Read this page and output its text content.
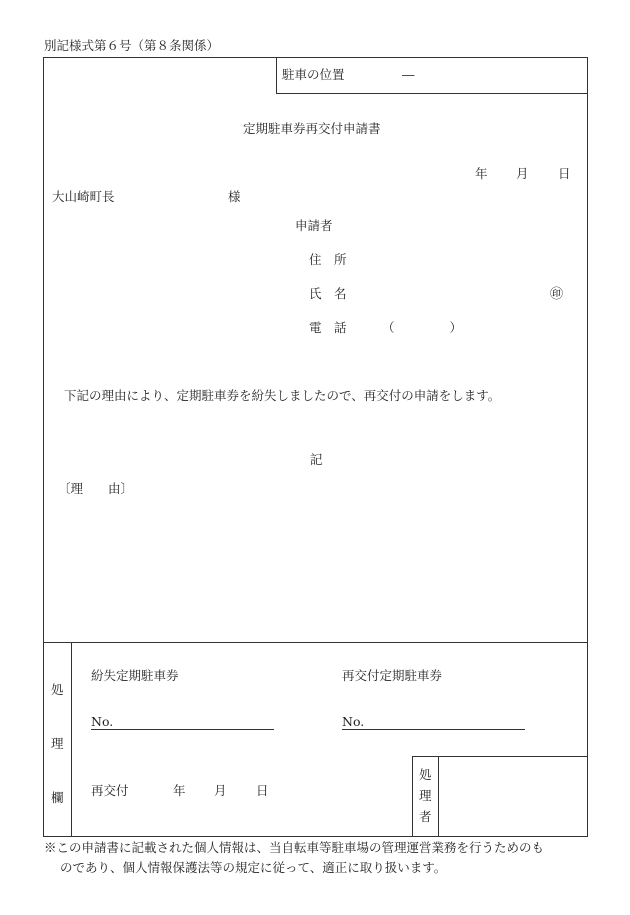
別記様式第６号（第８条関係）
駐車の位置	―
定期駐車券再交付申請書
年 月 日
大山崎町長	様
申請者
住　所
氏　名	㊞
電　話	（　　　　）
下記の理由により、定期駐車券を紛失しましたので、再交付の申請をします。
記
〔理　　由〕
処
理
欄
紛失定期駐車券	再交付定期駐車券
No.	No.
再交付	年 月 日
処
理
者
※この申請書に記載された個人情報は、当自転車等駐車場の管理運営業務を行うためのも
のであり、個人情報保護法等の規定に従って、適正に取り扱います。
